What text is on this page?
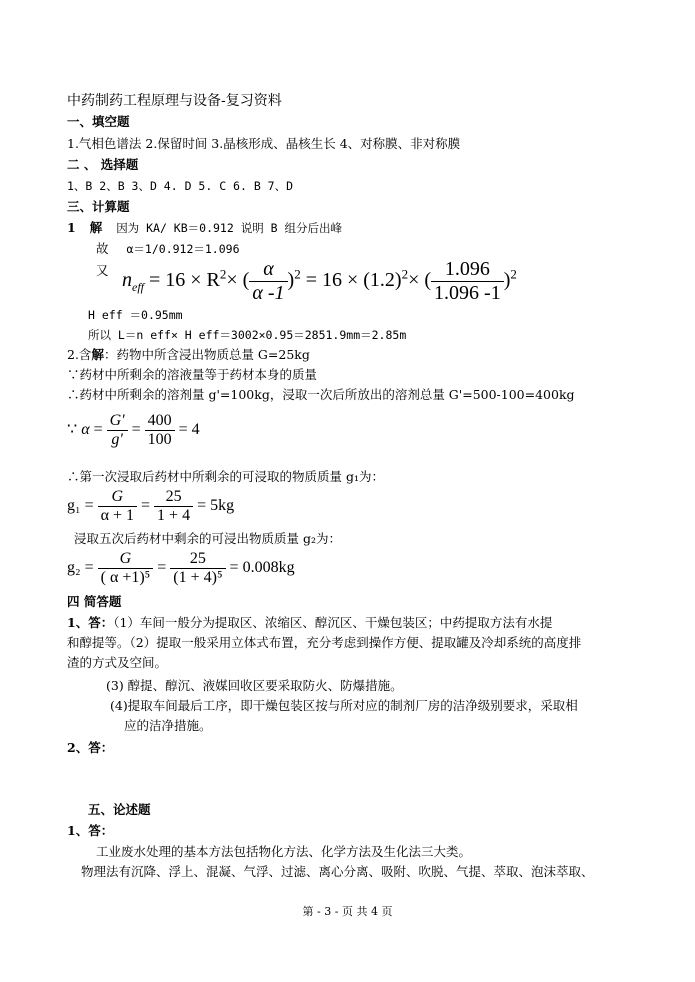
中药制药工程原理与设备-复习资料
一、填空题
1.气相色谱法 2.保留时间 3.晶核形成、晶核生长 4、对称膜、非对称膜
二 、 选择题
1、B 2、B 3、D 4. D 5. C 6. B 7、D
三、计算题
1 解 因为 KA/ KB＝0.912 说明 B 组分后出峰
故 α＝1/0.912＝1.096
又 $n_{eff} = 16 \times R^2\times$ ( $\frac{\alpha}{\alpha -1} )^2 = 16 \times (1.2)^2\times$ ( $\frac{1.096}{1.096 -1} )^2$
H eff ＝0.95mm
所以 L＝n eff× H eff＝3002×0.95＝2851.9mm＝2.85m
2.含解：药物中所含浸出物质总量 G=25kg
∵药材中所剩余的溶液量等于药材本身的质量
∴药材中所剩余的溶剂量 g'=100kg，浸取一次后所放出的溶剂总量 G'=500-100=400kg
∵ $\alpha = \frac{G'}{g'} = \frac{400}{100} = 4$
∴第一次浸取后药材中所剩余的可浸取的物质质量 g₁为：
$g_1 = \frac{G}{\alpha + 1} = \frac{25}{1 + 4} = 5kg$
浸取五次后药材中剩余的可浸出物质质量 g₂为：
$g_2 = \frac{G}{\text{( α +1)⁵}} = \frac{25}{\text{(1 + 4)⁵}} = 0.008kg$
四 简答题
1、答：（1）车间一般分为提取区、浓缩区、醇沉区、干燥包装区；中药提取方法有水提
和醇提等。（2）提取一般采用立体式布置，充分考虑到操作方便、提取罐及冷却系统的高度排
渣的方式及空间。
(3) 醇提、醇沉、液媒回收区要采取防火、防爆措施。
(4)提取车间最后工序，即干燥包装区按与所对应的制剂厂房的洁净级别要求，采取相
应的洁净措施。
2、答：
五、论述题
1、答：
工业废水处理的基本方法包括物化方法、化学方法及生化法三大类。
物理法有沉降、浮上、混凝、气浮、过滤、离心分离、吸附、吹脱、气提、萃取、泡沫萃取、
第 - 3 - 页 共 4 页
